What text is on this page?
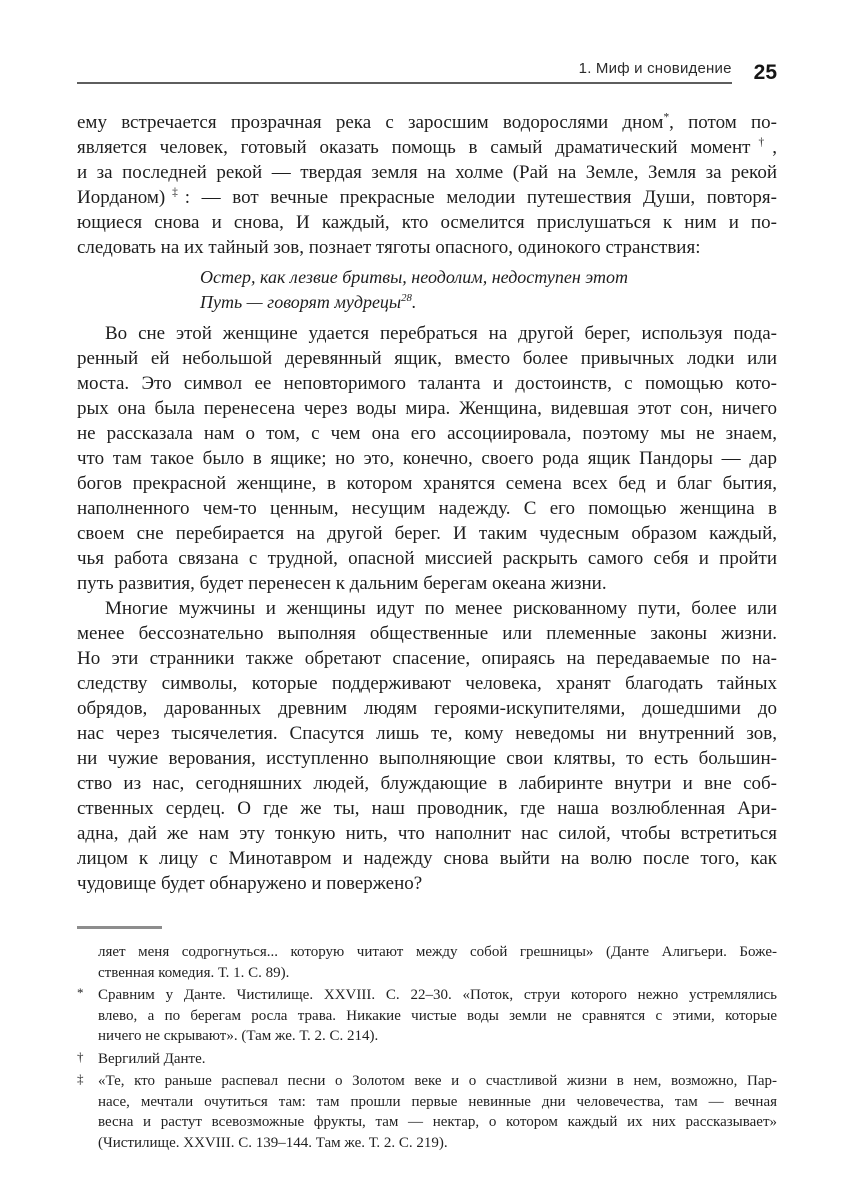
1. Миф и сновидение 25
ему встречается прозрачная река с заросшим водорослями дном*, потом по-
является человек, готовый оказать помощь в самый драматический момент†,
и за последней рекой — твердая земля на холме (Рай на Земле, Земля за рекой
Иорданом)‡: — вот вечные прекрасные мелодии путешествия Души, повторя-
ющиеся снова и снова, И каждый, кто осмелится прислушаться к ним и по-
следовать на их тайный зов, познает тяготы опасного, одинокого странствия:
Остер, как лезвие бритвы, неодолим, недоступен этот
Путь — говорят мудрецы$^{28}$.
Во сне этой женщине удается перебраться на другой берег, используя пода-
ренный ей небольшой деревянный ящик, вместо более привычных лодки или
моста. Это символ ее неповторимого таланта и достоинств, с помощью кото-
рых она была перенесена через воды мира. Женщина, видевшая этот сон, ничего
не рассказала нам о том, с чем она его ассоциировала, поэтому мы не знаем,
что там такое было в ящике; но это, конечно, своего рода ящик Пандоры — дар
богов прекрасной женщине, в котором хранятся семена всех бед и благ бытия,
наполненного чем-то ценным, несущим надежду. С его помощью женщина в
своем сне перебирается на другой берег. И таким чудесным образом каждый,
чья работа связана с трудной, опасной миссией раскрыть самого себя и пройти
путь развития, будет перенесен к дальним берегам океана жизни.
Многие мужчины и женщины идут по менее рискованному пути, более или
менее бессознательно выполняя общественные или племенные законы жизни.
Но эти странники также обретают спасение, опираясь на передаваемые по на-
следству символы, которые поддерживают человека, хранят благодать тайных
обрядов, дарованных древним людям героями-искупителями, дошедшими до
нас через тысячелетия. Спасутся лишь те, кому неведомы ни внутренний зов,
ни чужие верования, исступленно выполняющие свои клятвы, то есть большин-
ство из нас, сегодняшних людей, блуждающие в лабиринте внутри и вне соб-
ственных сердец. О где же ты, наш проводник, где наша возлюбленная Ари-
адна, дай же нам эту тонкую нить, что наполнит нас силой, чтобы встретиться
лицом к лицу с Минотавром и надежду снова выйти на волю после того, как
чудовище будет обнаружено и повержено?
ляет меня содрогнуться... которую читают между собой грешницы» (Данте Алигьери. Боже-
ственная комедия. Т. 1. С. 89).
* Сравним у Данте. Чистилище. XXVIII. С. 22–30. «Поток, струи которого нежно устремлялись
влево, а по берегам росла трава. Никакие чистые воды земли не сравнятся с этими, которые
ничего не скрывают». (Там же. Т. 2. С. 214).
† Вергилий Данте.
‡ «Те, кто раньше распевал песни о Золотом веке и о счастливой жизни в нем, возможно, Пар-
насе, мечтали очутиться там: там прошли первые невинные дни человечества, там — вечная
весна и растут всевозможные фрукты, там — нектар, о котором каждый их них рассказывает»
(Чистилище. XXVIII. С. 139–144. Там же. Т. 2. С. 219).
